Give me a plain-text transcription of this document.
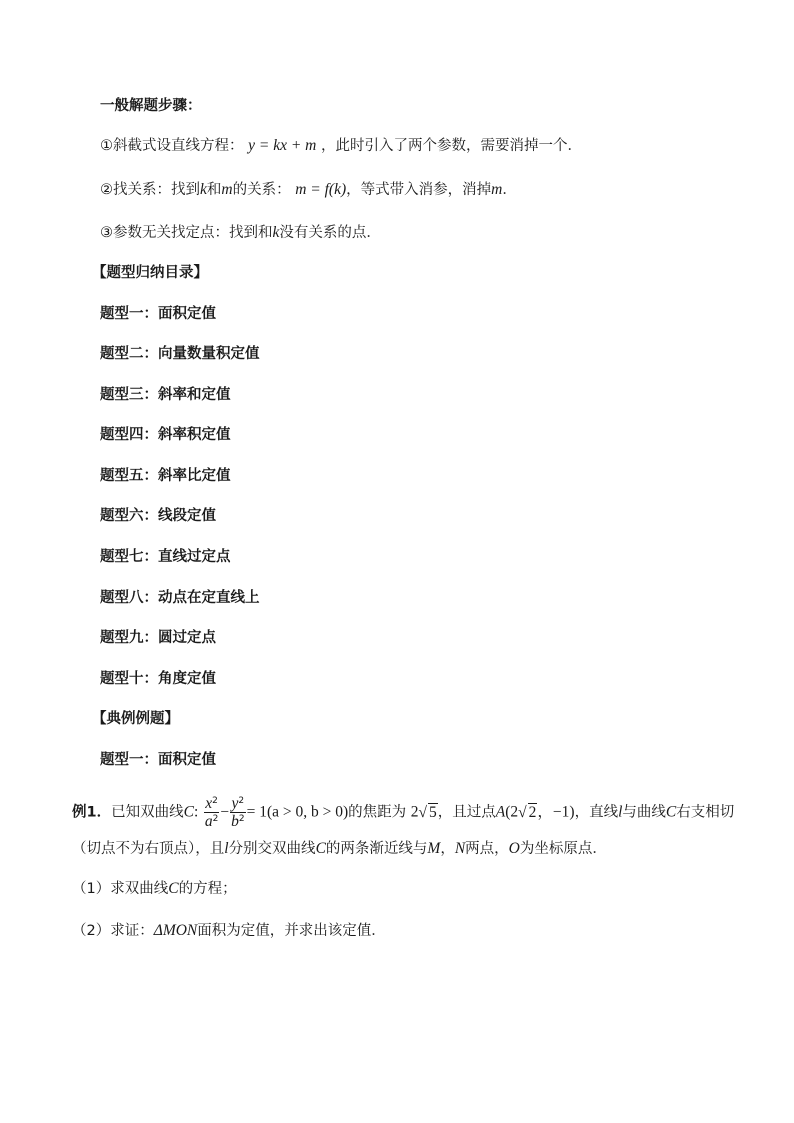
一般解题步骤：
①斜截式设直线方程： y = kx + m ，此时引入了两个参数，需要消掉一个．
②找关系：找到k和m的关系： m = f(k)，等式带入消参，消掉m．
③参数无关找定点：找到和k没有关系的点．
【题型归纳目录】
题型一：面积定值
题型二：向量数量积定值
题型三：斜率和定值
题型四：斜率积定值
题型五：斜率比定值
题型六：线段定值
题型七：直线过定点
题型八：动点在定直线上
题型九：圆过定点
题型十：角度定值
【典例例题】
题型一：面积定值
例1．已知双曲线C: $\frac{x^2}{a^2} - \frac{y^2}{b^2} = 1(a > 0$, b > 0)的焦距为 2√ 5，且过点A(2√ 2，−1)，直线l与曲线C右支相切
（切点不为右顶点），且l分别交双曲线C的两条渐近线与M，N两点，O为坐标原点．
（1）求双曲线C的方程；
（2）求证：ΔMON面积为定值，并求出该定值．
